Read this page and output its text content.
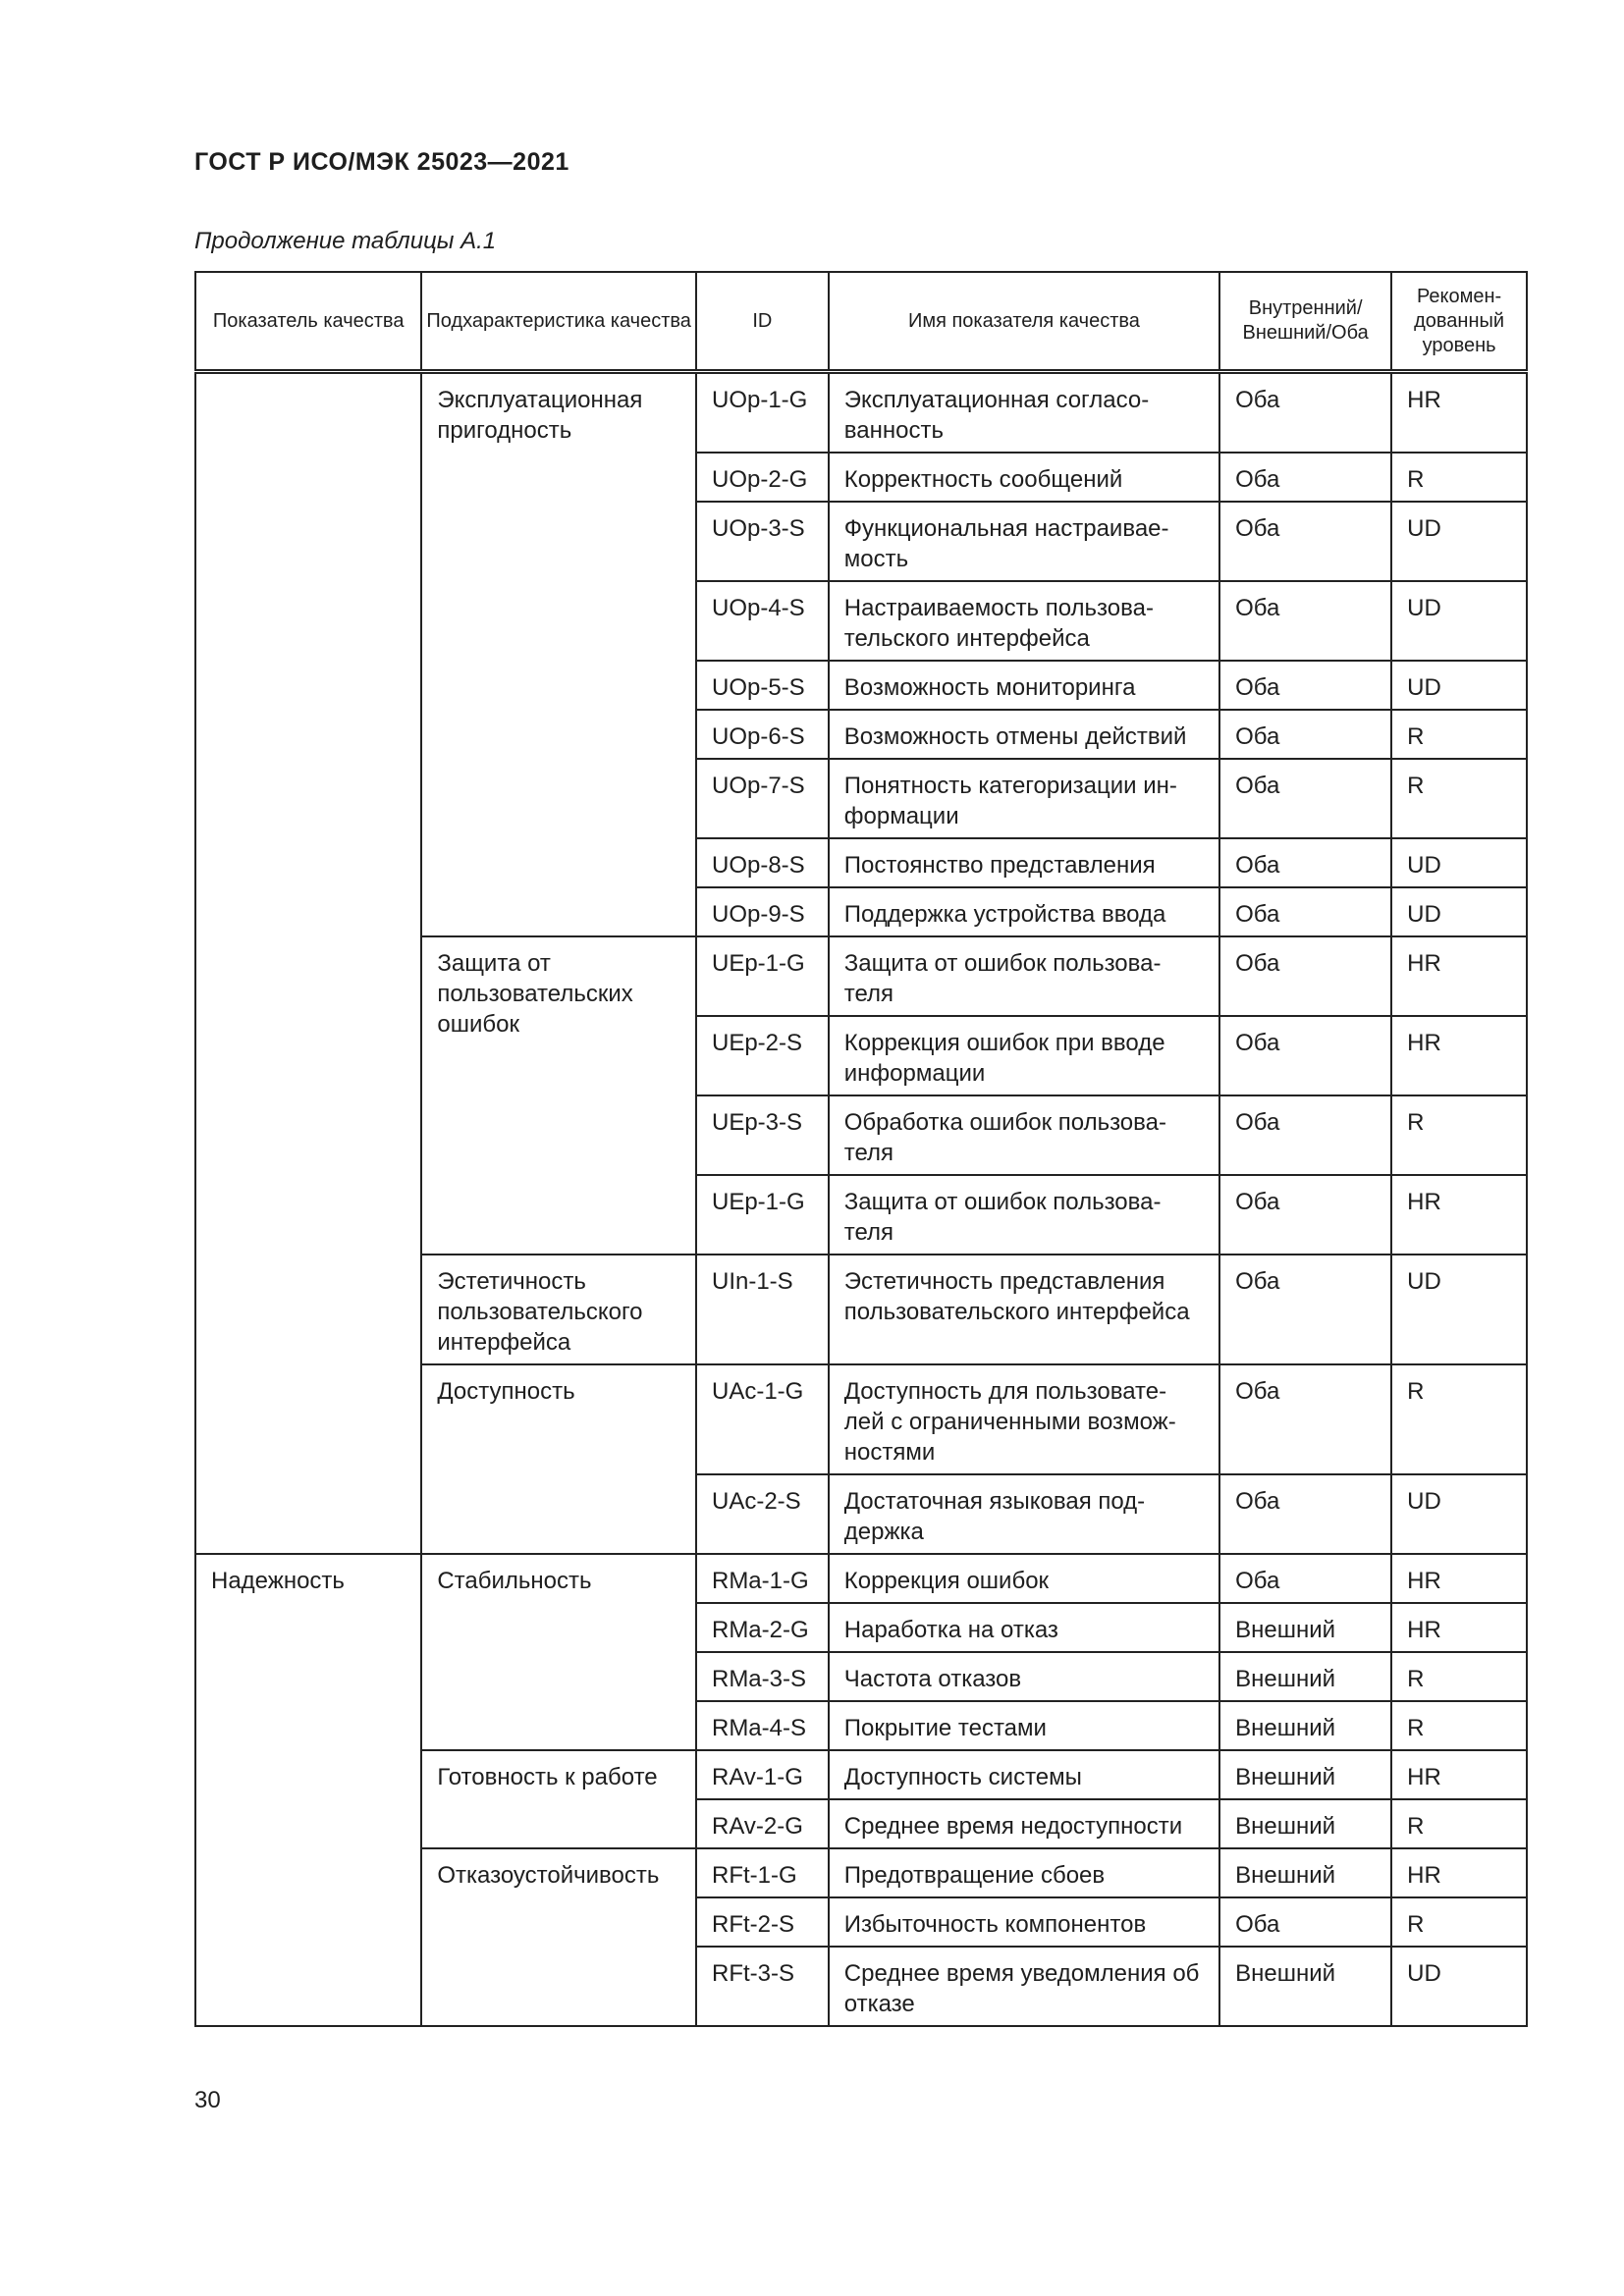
ГОСТ Р ИСО/МЭК 25023—2021
Продолжение таблицы А.1
Показатель качества	Подхарактеристика качества	ID	Имя показателя качества	Внутренний/ Внешний/Оба	Рекомен- дованный уровень
	Эксплуатационная пригодность	UOp-1-G	Эксплуатационная согласо- ванность	Оба	HR
		UOp-2-G	Корректность сообщений	Оба	R
		UOp-3-S	Функциональная настраивае- мость	Оба	UD
		UOp-4-S	Настраиваемость пользова- тельского интерфейса	Оба	UD
		UOp-5-S	Возможность мониторинга	Оба	UD
		UOp-6-S	Возможность отмены действий	Оба	R
		UOp-7-S	Понятность категоризации ин- формации	Оба	R
		UOp-8-S	Постоянство представления	Оба	UD
		UOp-9-S	Поддержка устройства ввода	Оба	UD
	Защита от пользовательских ошибок	UEp-1-G	Защита от ошибок пользова- теля	Оба	HR
		UEp-2-S	Коррекция ошибок при вводе информации	Оба	HR
		UEp-3-S	Обработка ошибок пользова- теля	Оба	R
		UEp-1-G	Защита от ошибок пользова- теля	Оба	HR
	Эстетичность пользовательского интерфейса	UIn-1-S	Эстетичность представления пользовательского интерфейса	Оба	UD
	Доступность	UAc-1-G	Доступность для пользовате- лей с ограниченными возмож- ностями	Оба	R
		UAc-2-S	Достаточная языковая под- держка	Оба	UD
Надежность	Стабильность	RMa-1-G	Коррекция ошибок	Оба	HR
		RMa-2-G	Наработка на отказ	Внешний	HR
		RMa-3-S	Частота отказов	Внешний	R
		RMa-4-S	Покрытие тестами	Внешний	R
	Готовность к работе	RAv-1-G	Доступность системы	Внешний	HR
		RAv-2-G	Среднее время недоступности	Внешний	R
	Отказоустойчивость	RFt-1-G	Предотвращение сбоев	Внешний	HR
		RFt-2-S	Избыточность компонентов	Оба	R
		RFt-3-S	Среднее время уведомления об отказе	Внешний	UD
30
